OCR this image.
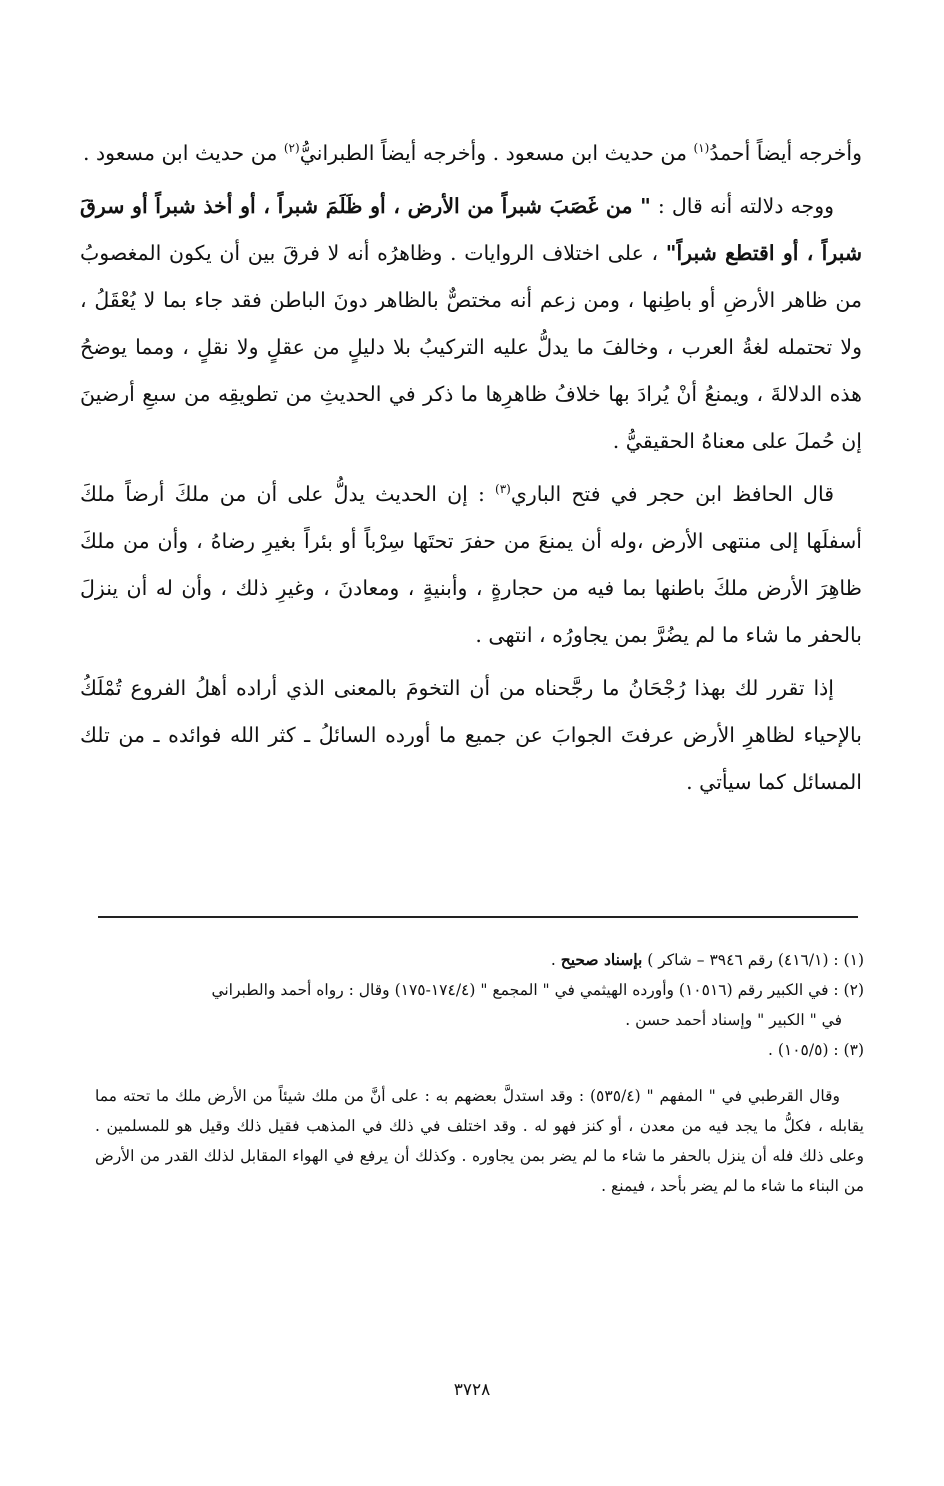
وأخرجه أيضاً أحمدُ$^{(١)}$ من حديث ابن مسعود . وأخرجه أيضاً الطبرانيُّ$^{(٢)}$ من حديث ابن مسعود .

ووجه دلالته أنه قال : " من غَصَبَ شبراً من الأرض ، أو ظَلَمَ شبراً ، أو أخذ شبراً أو سرقَ شبراً ، أو اقتطع شبراً" ، على اختلاف الروايات . وظاهرُه أنه لا فرقَ بين أن يكون المغصوبُ من ظاهر الأرضِ أو باطِنها ، ومن زعم أنه مختصٌّ بالظاهر دونَ الباطن فقد جاء بما لا يُعْقَلُ ، ولا تحتمله لغةُ العرب ، وخالفَ ما يدلُّ عليه التركيبُ بلا دليلٍ من عقلٍ ولا نقلٍ ، ومما يوضحُ هذه الدلالةَ ، ويمنعُ أنْ يُرادَ بها خلافُ ظاهرِها ما ذكر في الحديثِ من تطويقِه من سبعِ أرضينَ إن حُملَ على معناهُ الحقيقيُّ .

قال الحافظ ابن حجر في فتح الباري$^{(٣)}$ : إن الحديث يدلُّ على أن من ملكَ أرضاً ملكَ أسفلَها إلى منتهى الأرض ،وله أن يمنعَ من حفرَ تحتَها سِرْباً أو بئراً بغيرِ رضاهُ ، وأن من ملكَ ظاهِرَ الأرض ملكَ باطنها بما فيه من حجارةٍ ، وأبنيةٍ ، ومعادنَ ، وغيرِ ذلك ، وأن له أن ينزلَ بالحفر ما شاء ما لم يضُرَّ بمن يجاورُه ، انتهى .

إذا تقرر لك بهذا رُجْحَانُ ما رجَّحناه من أن التخومَ بالمعنى الذي أراده أهلُ الفروع تُمْلَكُ بالإحياء لظاهرِ الأرض عرفتَ الجوابَ عن جميع ما أورده السائلُ ـ كثر الله فوائده ـ من تلك المسائل كما سيأتي .

(١) : (٤١٦/١) رقم ٣٩٤٦ – شاكر ) بإسناد صحيح .

(٢) : في الكبير رقم (١٠٥١٦) وأورده الهيثمي في " المجمع " (١٧٤/٤-١٧٥) وقال : رواه أحمد والطبراني

في " الكبير " وإسناد أحمد حسن .

(٣) : (١٠٥/٥) .

وقال القرطبي في " المفهم " (٥٣٥/٤) : وقد استدلَّ بعضهم به : على أنَّ من ملك شيئاً من الأرض ملك ما تحته مما يقابله ، فكلُّ ما يجد فيه من معدن ، أو كنز فهو له . وقد اختلف في ذلك في المذهب فقيل ذلك وقيل هو للمسلمين . وعلى ذلك فله أن ينزل بالحفر ما شاء ما لم يضر بمن يجاوره . وكذلك أن يرفع في الهواء المقابل لذلك القدر من الأرض من البناء ما شاء ما لم يضر بأحد ، فيمنع .

٣٧٢٨
